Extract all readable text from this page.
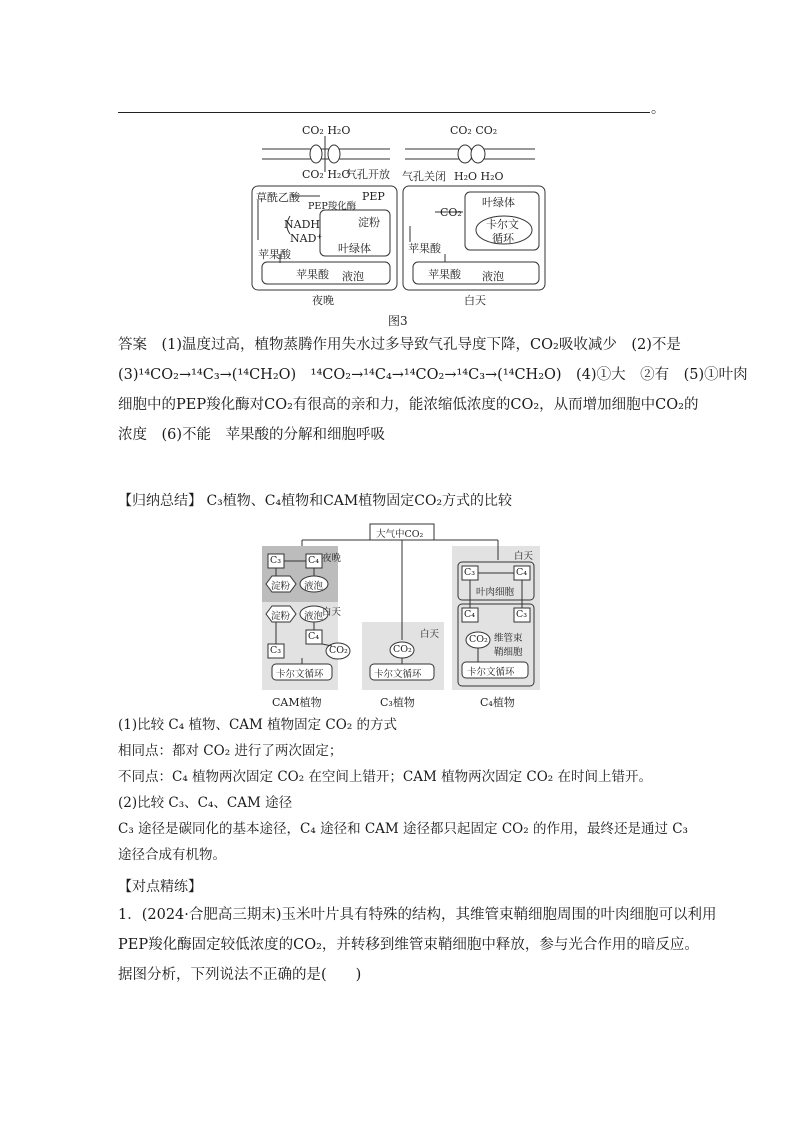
。
CO₂ H₂O
CO₂ H₂O
气孔开放
草酰乙酸
PEP羧化酶
PEP
淀粉
NADH
NAD⁺
叶绿体
苹果酸
苹果酸 液泡
夜晚
CO₂ CO₂
气孔关闭 H₂O H₂O
叶绿体
CO₂
卡尔文
循环
苹果酸
苹果酸 液泡
白天
图3
答案　(1)温度过高，植物蒸腾作用失水过多导致气孔导度下降，CO₂吸收减少　(2)不是
(3)¹⁴CO₂→¹⁴C₃→(¹⁴CH₂O)　¹⁴CO₂→¹⁴C₄→¹⁴CO₂→¹⁴C₃→(¹⁴CH₂O)　(4)①大　②有　(5)①叶肉
细胞中的PEP羧化酶对CO₂有很高的亲和力，能浓缩低浓度的CO₂，从而增加细胞中CO₂的
浓度　(6)不能　苹果酸的分解和细胞呼吸
【归纳总结】 C₃植物、C₄植物和CAM植物固定CO₂方式的比较
大气中CO₂
C₃	C₄ 夜晚
淀粉 液泡
淀粉 液泡
白天
C₄
C₃	CO₂
卡尔文循环
CAM植物
白天
CO₂
卡尔文循环
C₃植物
白天
C₃	C₄
叶肉细胞
C₄	C₃
CO₂ 维管束
鞘细胞
卡尔文循环
C₄植物
(1)比较 C₄ 植物、CAM 植物固定 CO₂ 的方式
相同点：都对 CO₂ 进行了两次固定；
不同点：C₄ 植物两次固定 CO₂ 在空间上错开；CAM 植物两次固定 CO₂ 在时间上错开。
(2)比较 C₃、C₄、CAM 途径
C₃ 途径是碳同化的基本途径，C₄ 途径和 CAM 途径都只起固定 CO₂ 的作用，最终还是通过 C₃
途径合成有机物。
【对点精练】
1．(2024·合肥高三期末)玉米叶片具有特殊的结构，其维管束鞘细胞周围的叶肉细胞可以利用
PEP羧化酶固定较低浓度的CO₂，并转移到维管束鞘细胞中释放，参与光合作用的暗反应。
据图分析，下列说法不正确的是(　　)
